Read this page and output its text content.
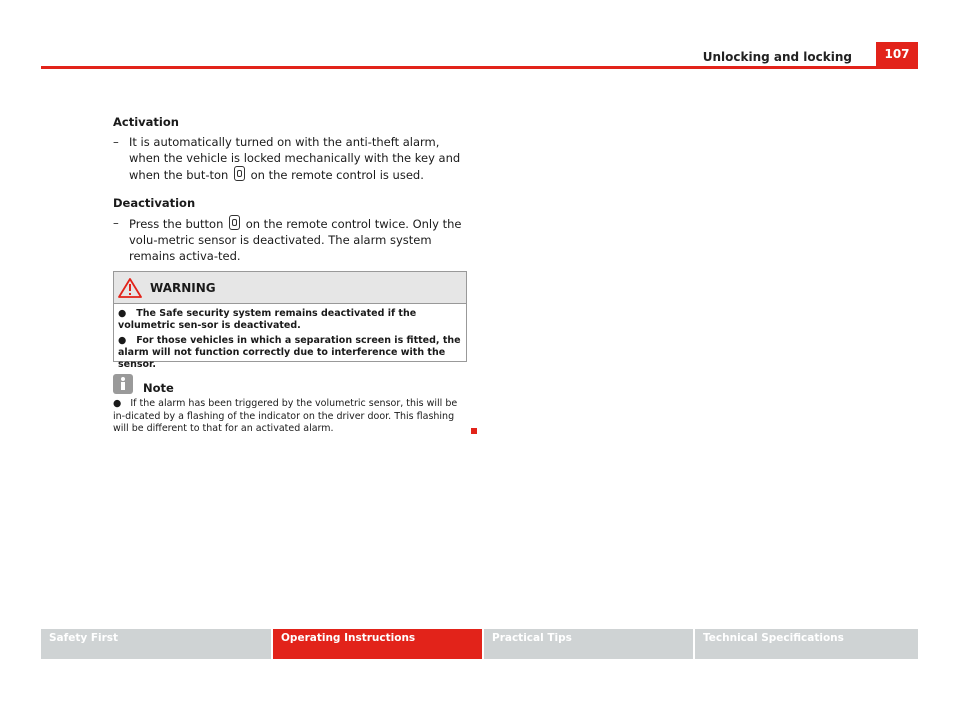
Unlocking and locking	107

Activation

– It is automatically turned on with the anti-theft alarm, when the vehicle is locked mechanically with the key and when the but-ton on the remote control is used.

Deactivation

– Press the button on the remote control twice. Only the volu-metric sensor is deactivated. The alarm system remains activa-ted.
WARNING

● The Safe security system remains deactivated if the volumetric sen-sor is deactivated.

● For those vehicles in which a separation screen is fitted, the alarm will not function correctly due to interference with the sensor.

Note

● If the alarm has been triggered by the volumetric sensor, this will be in-dicated by a flashing of the indicator on the driver door. This flashing will be different to that for an activated alarm.

Safety First	Operating Instructions	Practical Tips	Technical Specifications
